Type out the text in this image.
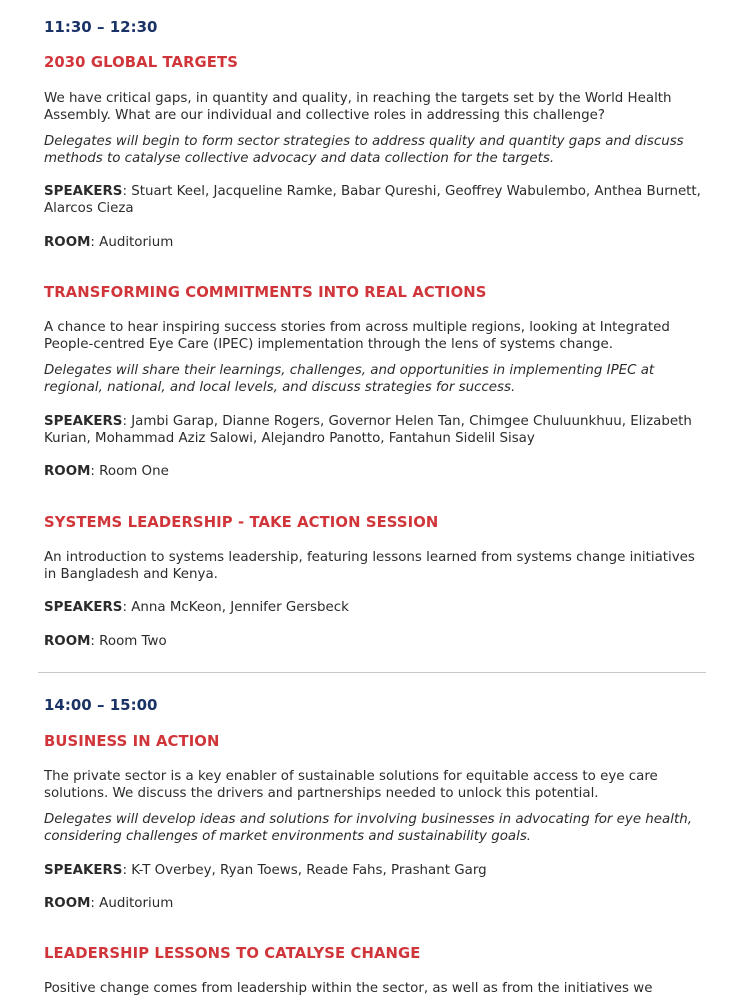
11:30 – 12:30
2030 GLOBAL TARGETS
We have critical gaps, in quantity and quality, in reaching the targets set by the World Health Assembly. What are our individual and collective roles in addressing this challenge?
Delegates will begin to form sector strategies to address quality and quantity gaps and discuss methods to catalyse collective advocacy and data collection for the targets.
SPEAKERS: Stuart Keel, Jacqueline Ramke, Babar Qureshi, Geoffrey Wabulembo, Anthea Burnett, Alarcos Cieza
ROOM: Auditorium
TRANSFORMING COMMITMENTS INTO REAL ACTIONS
A chance to hear inspiring success stories from across multiple regions, looking at Integrated People-centred Eye Care (IPEC) implementation through the lens of systems change.
Delegates will share their learnings, challenges, and opportunities in implementing IPEC at regional, national, and local levels, and discuss strategies for success.
SPEAKERS: Jambi Garap, Dianne Rogers, Governor Helen Tan, Chimgee Chuluunkhuu, Elizabeth Kurian, Mohammad Aziz Salowi, Alejandro Panotto, Fantahun Sidelil Sisay
ROOM: Room One
SYSTEMS LEADERSHIP - TAKE ACTION SESSION
An introduction to systems leadership, featuring lessons learned from systems change initiatives in Bangladesh and Kenya.
SPEAKERS: Anna McKeon, Jennifer Gersbeck
ROOM: Room Two
14:00 – 15:00
BUSINESS IN ACTION
The private sector is a key enabler of sustainable solutions for equitable access to eye care solutions. We discuss the drivers and partnerships needed to unlock this potential.
Delegates will develop ideas and solutions for involving businesses in advocating for eye health, considering challenges of market environments and sustainability goals.
SPEAKERS: K-T Overbey, Ryan Toews, Reade Fahs, Prashant Garg
ROOM: Auditorium
LEADERSHIP LESSONS TO CATALYSE CHANGE
Positive change comes from leadership within the sector, as well as from the initiatives we
